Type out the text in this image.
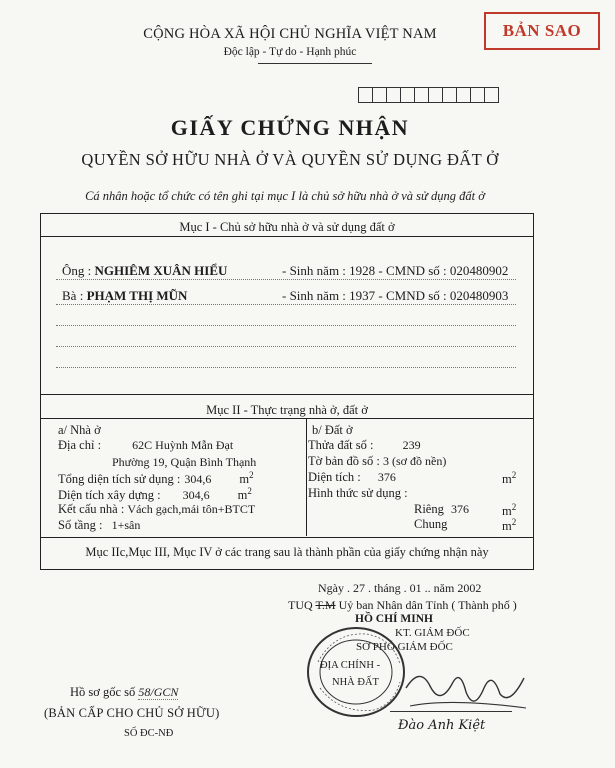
CỘNG HÒA XÃ HỘI CHỦ NGHĨA VIỆT NAM
Độc lập - Tự do - Hạnh phúc
BẢN SAO
GIẤY CHỨNG NHẬN
QUYỀN SỞ HỮU NHÀ Ở VÀ QUYỀN SỬ DỤNG ĐẤT Ở
Cá nhân hoặc tổ chức có tên ghi tại mục I là chủ sở hữu nhà ở và sử dụng đất ở
Mục I - Chủ sở hữu nhà ở và sử dụng đất ở
Ông : NGHIÊM XUÂN HIỂU	- Sinh năm : 1928 - CMND số : 020480902
Bà : PHẠM THỊ MŨN	- Sinh năm : 1937 - CMND số : 020480903
Mục II - Thực trạng nhà ở, đất ở
a/ Nhà ở
Địa chỉ : 62C Huỳnh Mẫn Đạt
Phường 19, Quận Bình Thạnh
Tổng diện tích sử dụng : 304,6 $m^2$
Diện tích xây dựng : 304,6 $m^2$
Kết cấu nhà : Vách gạch,mái tôn+BTCT
Số tầng : 1+sân
b/ Đất ở
Thửa đất số : 239
Tờ bản đồ số : 3 (sơ đồ nền)
Diện tích : 376	$m^2$
Hình thức sử dụng :
Riêng 376	$m^2$
Chung	$m^2$
Mục IIc,Mục III, Mục IV ở các trang sau là thành phần của giấy chứng nhận này
Ngày . 27 . tháng . 01 .. năm 2002
TUQ T.M Uỷ ban Nhân dân Tỉnh ( Thành phố )
HỒ CHÍ MINH
KT. GIÁM ĐỐC
SỞ PHÓ GIÁM ĐỐC
ĐỊA CHÍNH -
NHÀ ĐẤT
Đào Anh Kiệt
Hồ sơ gốc số 58/GCN
(BẢN CẤP CHO CHỦ SỞ HỮU)
SỐ ĐC-NĐ
